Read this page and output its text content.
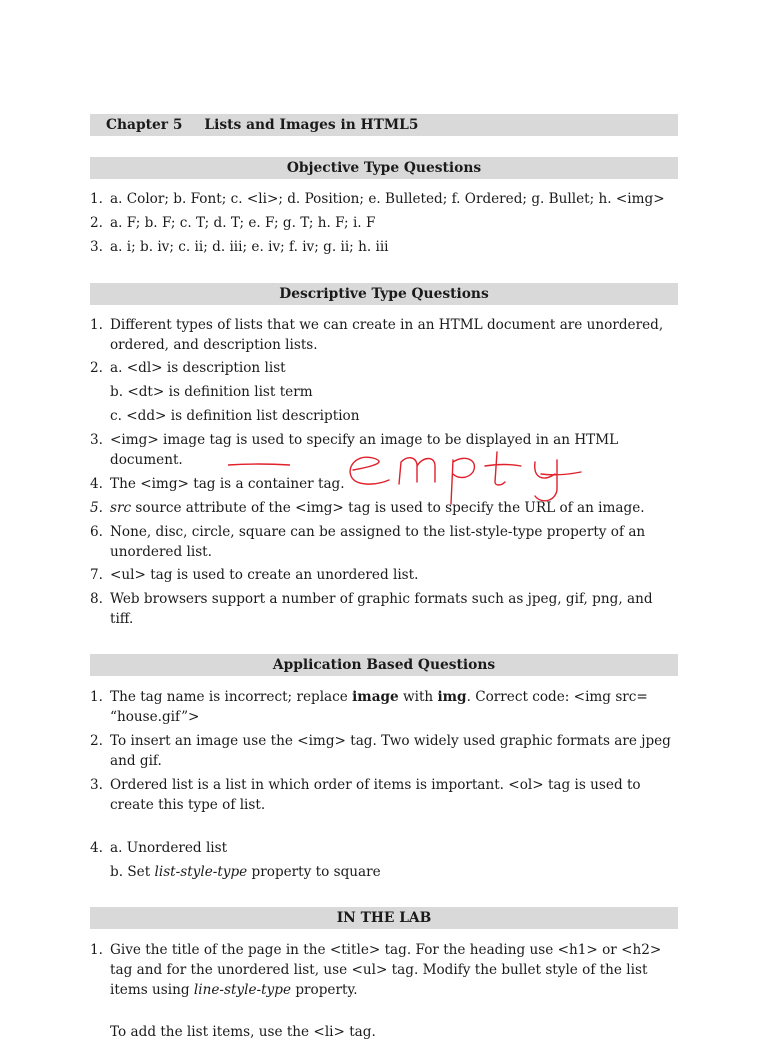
Chapter 5 Lists and Images in HTML5
Objective Type Questions
1. a. Color; b. Font; c. <li>; d. Position; e. Bulleted; f. Ordered; g. Bullet; h. <img>
2. a. F; b. F; c. T; d. T; e. F; g. T; h. F; i. F
3. a. i; b. iv; c. ii; d. iii; e. iv; f. iv; g. ii; h. iii
Descriptive Type Questions
1. Different types of lists that we can create in an HTML document are unordered, ordered, and description lists.
2. a. <dl> is description list
b. <dt> is definition list term
c. <dd> is definition list description
3. <img> image tag is used to specify an image to be displayed in an HTML document.
4. The <img> tag is a container tag.
5. src source attribute of the <img> tag is used to specify the URL of an image.
6. None, disc, circle, square can be assigned to the list-style-type property of an unordered list.
7. <ul> tag is used to create an unordered list.
8. Web browsers support a number of graphic formats such as jpeg, gif, png, and tiff.
Application Based Questions
1. The tag name is incorrect; replace image with img. Correct code: <img src= “house.gif”>
2. To insert an image use the <img> tag. Two widely used graphic formats are jpeg and gif.
3. Ordered list is a list in which order of items is important. <ol> tag is used to create this type of list.
4. a. Unordered list
b. Set list-style-type property to square
IN THE LAB
1. Give the title of the page in the <title> tag. For the heading use <h1> or <h2> tag and for the unordered list, use <ul> tag. Modify the bullet style of the list items using line-style-type property.
To add the list items, use the <li> tag.
